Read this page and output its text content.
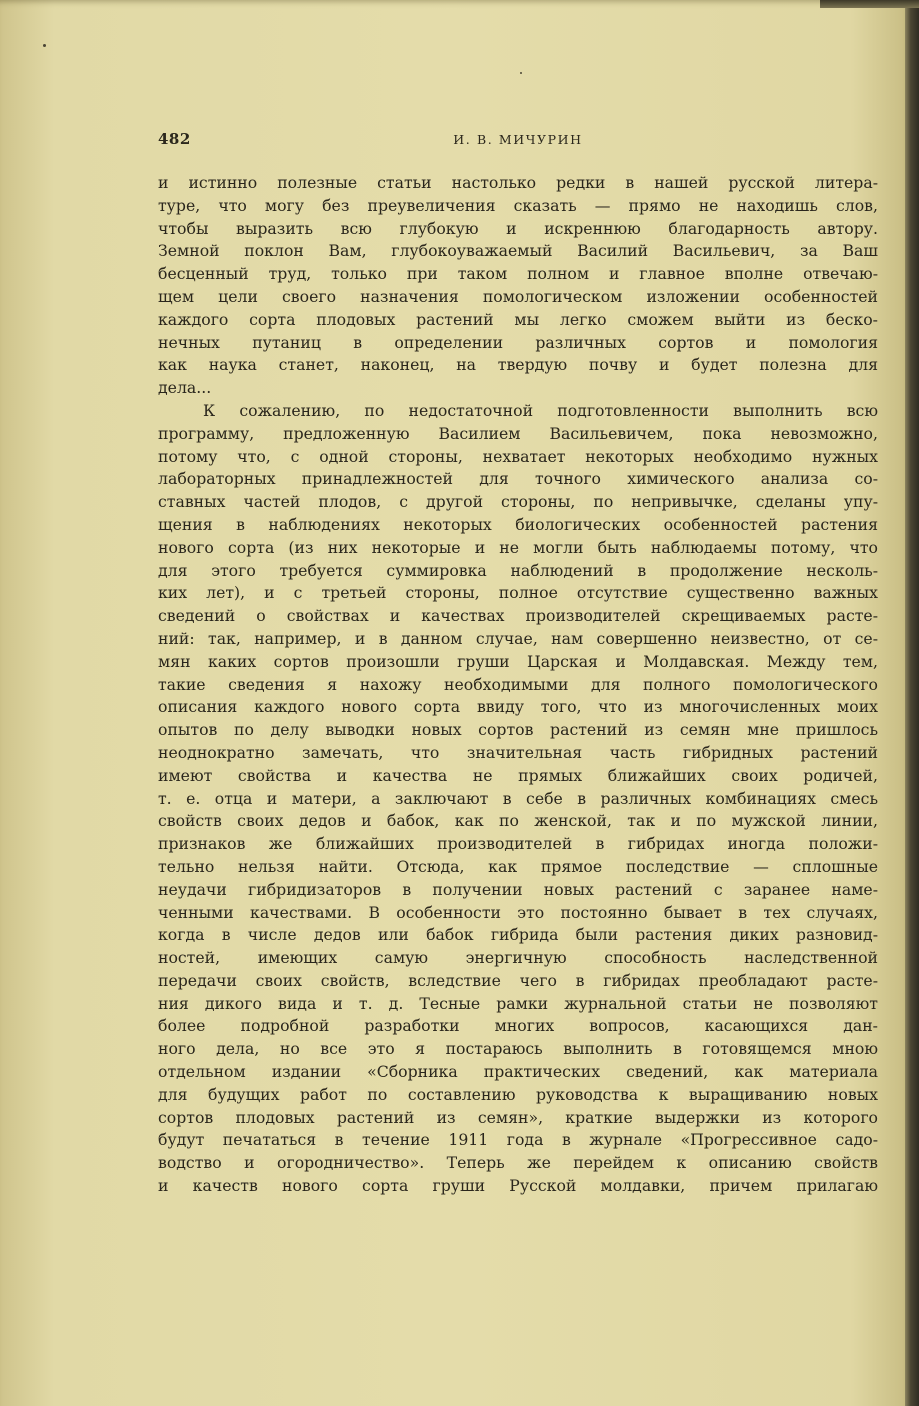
482	И. В. МИЧУРИН
и истинно полезные статьи настолько редки в нашей русской литера-
туре, что могу без преувеличения сказать — прямо не находишь слов,
чтобы выразить всю глубокую и искреннюю благодарность автору.
Земной поклон Вам, глубокоуважаемый Василий Васильевич, за Ваш
бесценный труд, только при таком полном и главное вполне отвечаю-
щем цели своего назначения помологическом изложении особенностей
каждого сорта плодовых растений мы легко сможем выйти из беско-
нечных путаниц в определении различных сортов и помология
как наука станет, наконец, на твердую почву и будет полезна для
дела...
К сожалению, по недостаточной подготовленности выполнить всю
программу, предложенную Василием Васильевичем, пока невозможно,
потому что, с одной стороны, нехватает некоторых необходимо нужных
лабораторных принадлежностей для точного химического анализа со-
ставных частей плодов, с другой стороны, по непривычке, сделаны упу-
щения в наблюдениях некоторых биологических особенностей растения
нового сорта (из них некоторые и не могли быть наблюдаемы потому, что
для этого требуется суммировка наблюдений в продолжение несколь-
ких лет), и с третьей стороны, полное отсутствие существенно важных
сведений о свойствах и качествах производителей скрещиваемых расте-
ний: так, например, и в данном случае, нам совершенно неизвестно, от се-
мян каких сортов произошли груши Царская и Молдавская. Между тем,
такие сведения я нахожу необходимыми для полного помологического
описания каждого нового сорта ввиду того, что из многочисленных моих
опытов по делу выводки новых сортов растений из семян мне пришлось
неоднократно замечать, что значительная часть гибридных растений
имеют свойства и качества не прямых ближайших своих родичей,
т. е. отца и матери, а заключают в себе в различных комбинациях смесь
свойств своих дедов и бабок, как по женской, так и по мужской линии,
признаков же ближайших производителей в гибридах иногда положи-
тельно нельзя найти. Отсюда, как прямое последствие — сплошные
неудачи гибридизаторов в получении новых растений с заранее наме-
ченными качествами. В особенности это постоянно бывает в тех случаях,
когда в числе дедов или бабок гибрида были растения диких разновид-
ностей, имеющих самую энергичную способность наследственной
передачи своих свойств, вследствие чего в гибридах преобладают расте-
ния дикого вида и т. д. Тесные рамки журнальной статьи не позволяют
более подробной разработки многих вопросов, касающихся дан-
ного дела, но все это я постараюсь выполнить в готовящемся мною
отдельном издании «Сборника практических сведений, как материала
для будущих работ по составлению руководства к выращиванию новых
сортов плодовых растений из семян», краткие выдержки из которого
будут печататься в течение 1911 года в журнале «Прогрессивное садо-
водство и огородничество». Теперь же перейдем к описанию свойств
и качеств нового сорта груши Русской молдавки, причем прилагаю
